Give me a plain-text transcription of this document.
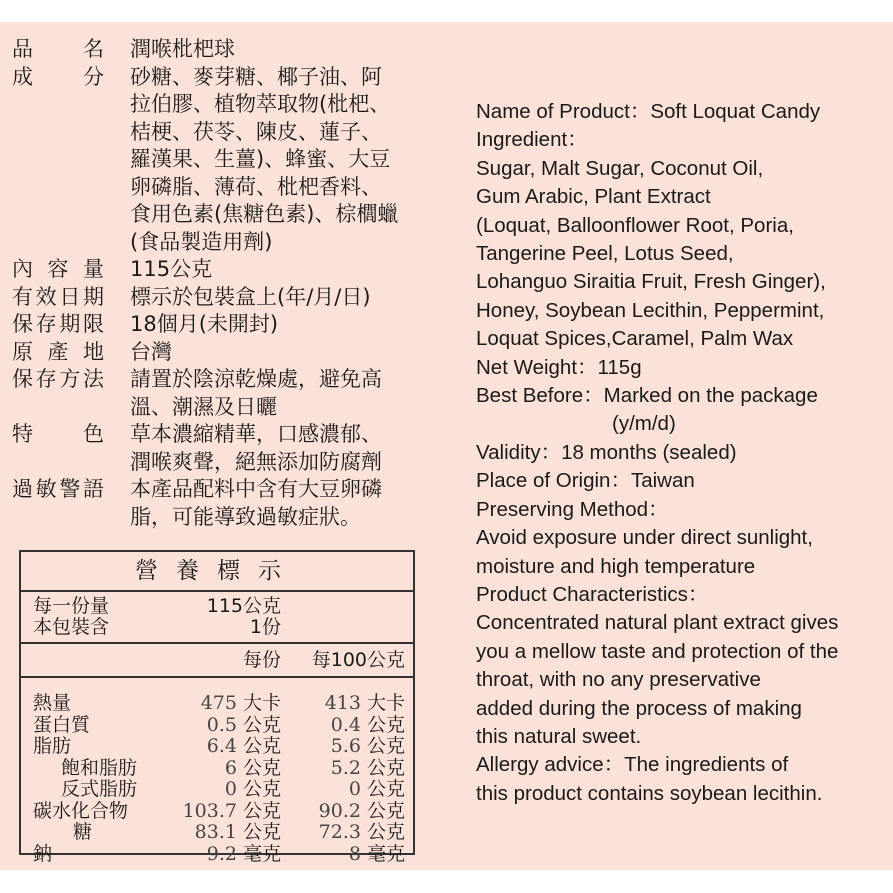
品名 潤喉枇杷球
成分 砂糖、麥芽糖、椰子油、阿
拉伯膠、植物萃取物(枇杷、
桔梗、茯苓、陳皮、蓮子、
羅漢果、生薑)、蜂蜜、大豆
卵磷脂、薄荷、枇杷香料、
食用色素(焦糖色素)、棕櫚蠟
(食品製造用劑)
內容量 115公克
有效日期 標示於包裝盒上(年/月/日)
保存期限 18個月(未開封)
原產地 台灣
保存方法 請置於陰涼乾燥處，避免高
溫、潮濕及日曬
特色 草本濃縮精華，口感濃郁、
潤喉爽聲，絕無添加防腐劑
過敏警語 本產品配料中含有大豆卵磷
脂，可能導致過敏症狀。
營養標示
每一份量	115公克
本包裝含	1份
每份 每100公克
熱量	475 大卡 413 大卡
蛋白質	0.5 公克	0.4 公克
脂肪	6.4 公克	5.6 公克
飽和脂肪	6 公克	5.2 公克
反式脂肪	0 公克	0 公克
碳水化合物	103.7 公克 90.2 公克
糖	83.1 公克 72.3 公克
鈉	9.2 毫克	8 毫克
Name of Product：Soft Loquat Candy
Ingredient：
Sugar, Malt Sugar, Coconut Oil,
Gum Arabic, Plant Extract
(Loquat, Balloonflower Root, Poria,
Tangerine Peel, Lotus Seed,
Lohanguo Siraitia Fruit, Fresh Ginger),
Honey, Soybean Lecithin, Peppermint,
Loquat Spices,Caramel, Palm Wax
Net Weight：115g
Best Before：Marked on the package
(y/m/d)
Validity：18 months (sealed)
Place of Origin：Taiwan
Preserving Method：
Avoid exposure under direct sunlight,
moisture and high temperature
Product Characteristics：
Concentrated natural plant extract gives
you a mellow taste and protection of the
throat, with no any preservative
added during the process of making
this natural sweet.
Allergy advice：The ingredients of
this product contains soybean lecithin.
